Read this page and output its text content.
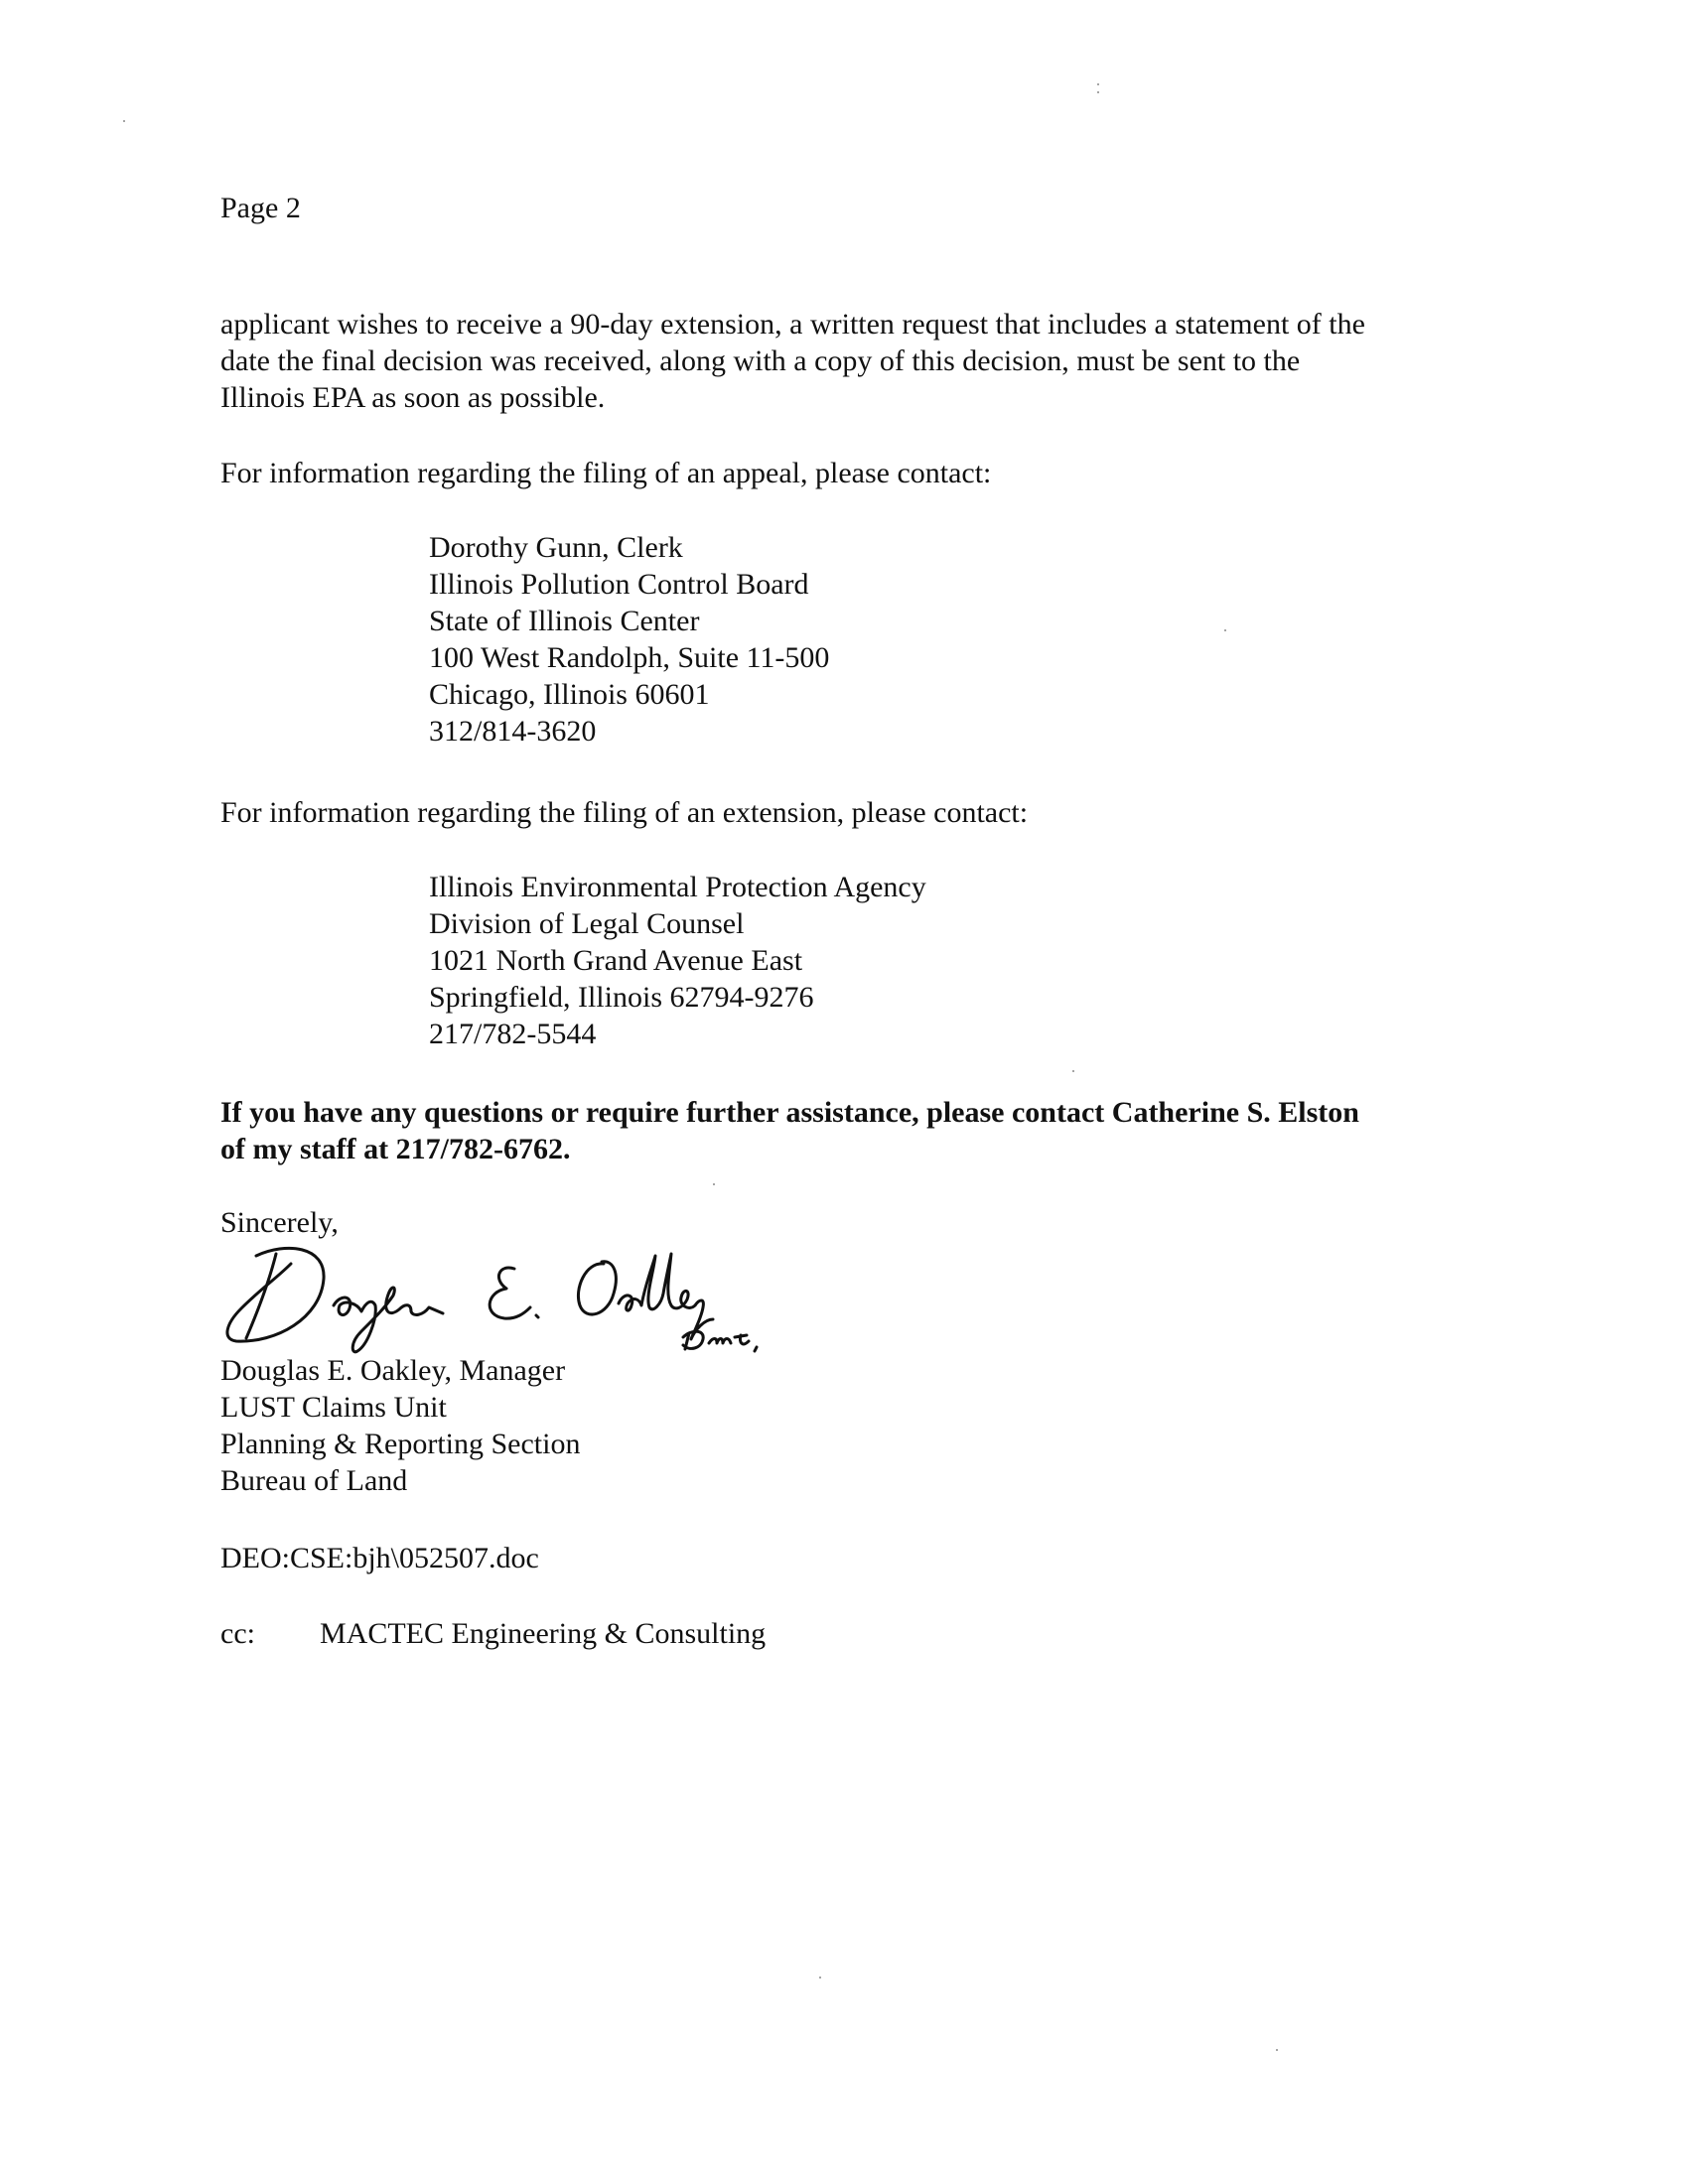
Page 2
applicant wishes to receive a 90-day extension, a written request that includes a statement of the
date the final decision was received, along with a copy of this decision, must be sent to the
Illinois EPA as soon as possible.
For information regarding the filing of an appeal, please contact:
Dorothy Gunn, Clerk
Illinois Pollution Control Board
State of Illinois Center
100 West Randolph, Suite 11-500
Chicago, Illinois 60601
312/814-3620
For information regarding the filing of an extension, please contact:
Illinois Environmental Protection Agency
Division of Legal Counsel
1021 North Grand Avenue East
Springfield, Illinois 62794-9276
217/782-5544
If you have any questions or require further assistance, please contact Catherine S. Elston
of my staff at 217/782-6762.
Sincerely,
Douglas E. Oakley, Manager
LUST Claims Unit
Planning & Reporting Section
Bureau of Land
DEO:CSE:bjh\052507.doc
cc: MACTEC Engineering & Consulting
